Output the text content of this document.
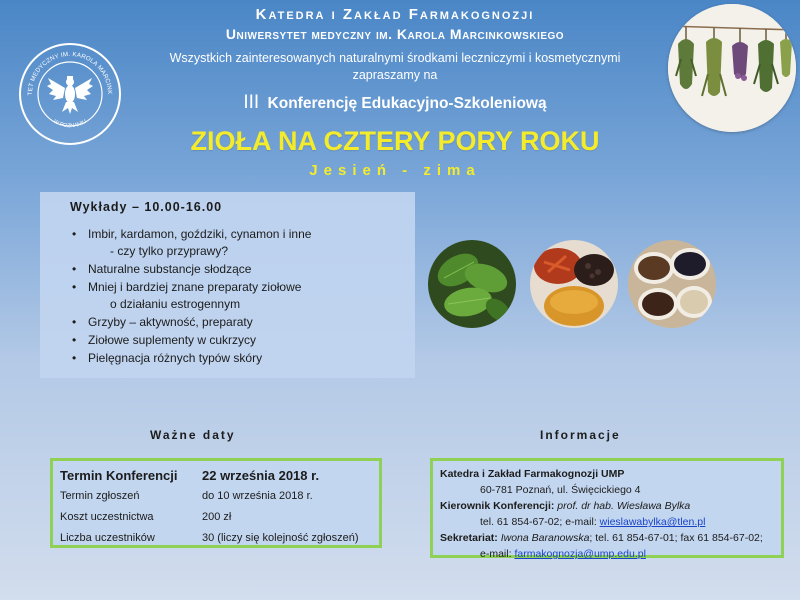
TET MEDYCZNY IM. KAROLA MARCINK
W POZNANIU
Katedra i Zakład Farmakognozji
Uniwersytet medyczny im. Karola Marcinkowskiego
Wszystkich zainteresowanych naturalnymi środkami leczniczymi i kosmetycznymi
zapraszamy na
III Konferencję Edukacyjno-Szkoleniową
ZIOŁA NA CZTERY PORY ROKU
Jesień - zima
Wykłady – 10.00-16.00
• Imbir, kardamon, goździki, cynamon i inne
- czy tylko przyprawy?
• Naturalne substancje słodzące
• Mniej i bardziej znane preparaty ziołowe
o działaniu estrogennym
• Grzyby – aktywność, preparaty
• Ziołowe suplementy w cukrzycy
• Pielęgnacja różnych typów skóry
Ważne daty	Informacje
Termin Konferencji	22 września 2018 r.
Termin zgłoszeń	do 10 września 2018 r.
Koszt uczestnictwa	200 zł
Liczba uczestników	30 (liczy się kolejność zgłoszeń)
Katedra i Zakład Farmakognozji UMP
60-781 Poznań, ul. Święcickiego 4
Kierownik Konferencji: prof. dr hab. Wiesława Bylka
tel. 61 854-67-02; e-mail: wieslawabylka@tlen.pl
Sekretariat: Iwona Baranowska; tel. 61 854-67-01; fax 61 854-67-02;
e-mail: farmakognozja@ump.edu.pl
